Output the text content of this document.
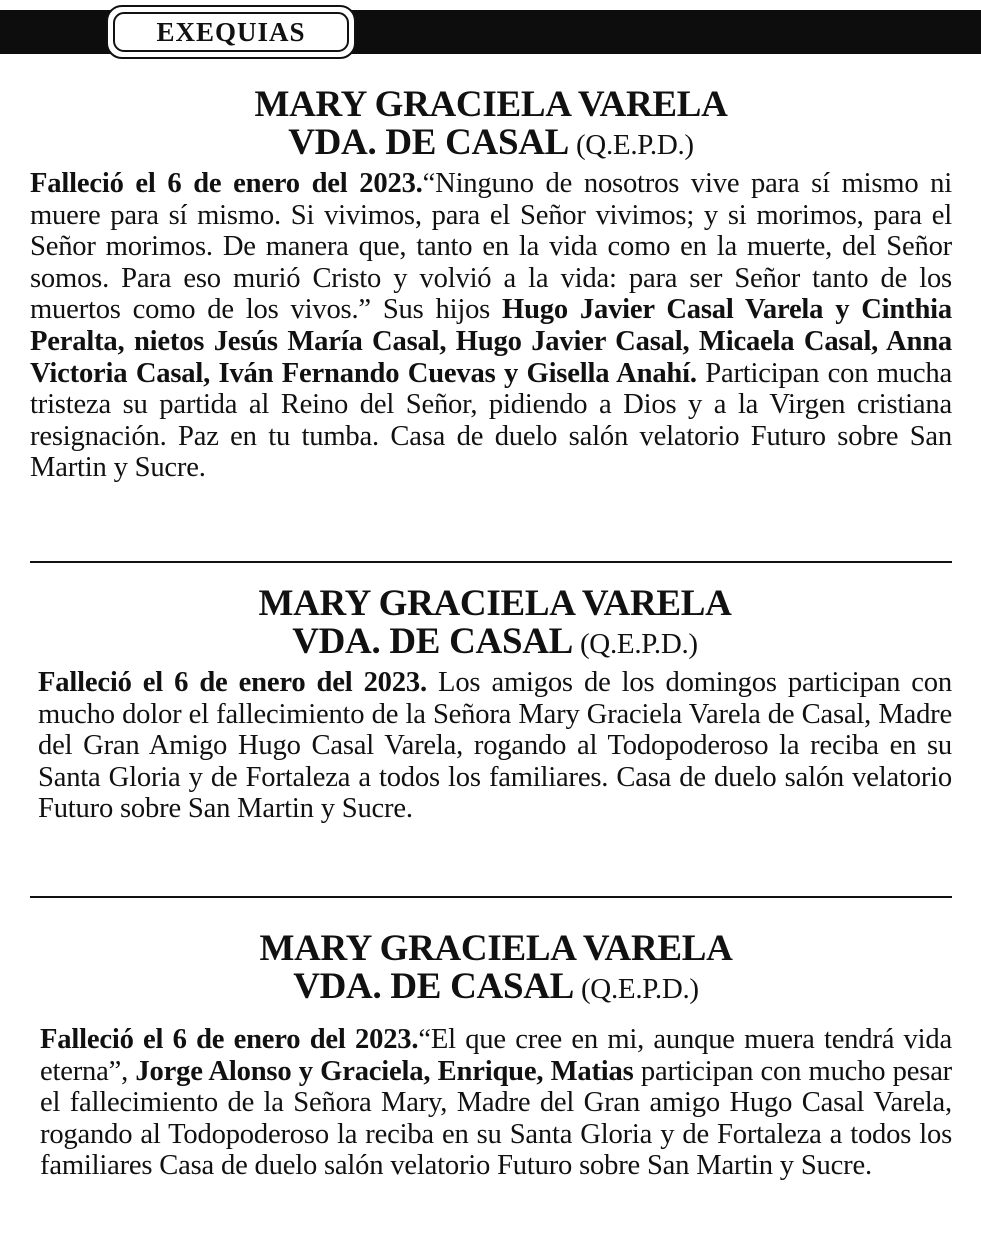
EXEQUIAS
MARY GRACIELA VARELA
VDA. DE CASAL (Q.E.P.D.)
Falleció el 6 de enero del 2023.“Ninguno de nosotros vive para sí mismo ni muere para sí mismo. Si vivimos, para el Señor vivimos; y si morimos, para el Señor morimos. De manera que, tanto en la vida como en la muerte, del Señor somos. Para eso murió Cristo y volvió a la vida: para ser Señor tanto de los muertos como de los vivos.” Sus hijos Hugo Javier Casal Varela y Cinthia Peralta, nietos Jesús María Casal, Hugo Javier Casal, Micaela Casal, Anna Victoria Casal, Iván Fernando Cuevas y Gisella Anahí. Participan con mucha tristeza su partida al Reino del Señor, pidiendo a Dios y a la Virgen cristiana resignación. Paz en tu tumba. Casa de duelo salón velatorio Futuro sobre San Martin y Sucre.
MARY GRACIELA VARELA
VDA. DE CASAL (Q.E.P.D.)
Falleció el 6 de enero del 2023. Los amigos de los domingos participan con mucho dolor el fallecimiento de la Señora Mary Graciela Varela de Casal, Madre del Gran Amigo Hugo Casal Varela, rogando al Todopoderoso la reciba en su Santa Gloria y de Fortaleza a todos los familiares. Casa de duelo salón velatorio Futuro sobre San Martin y Sucre.
MARY GRACIELA VARELA
VDA. DE CASAL (Q.E.P.D.)
Falleció el 6 de enero del 2023.“El que cree en mi, aunque muera tendrá vida eterna”, Jorge Alonso y Graciela, Enrique, Matias participan con mucho pesar el fallecimiento de la Señora Mary, Madre del Gran amigo Hugo Casal Varela, rogando al Todopoderoso la reciba en su Santa Gloria y de Fortaleza a todos los familiares Casa de duelo salón velatorio Futuro sobre San Martin y Sucre.
